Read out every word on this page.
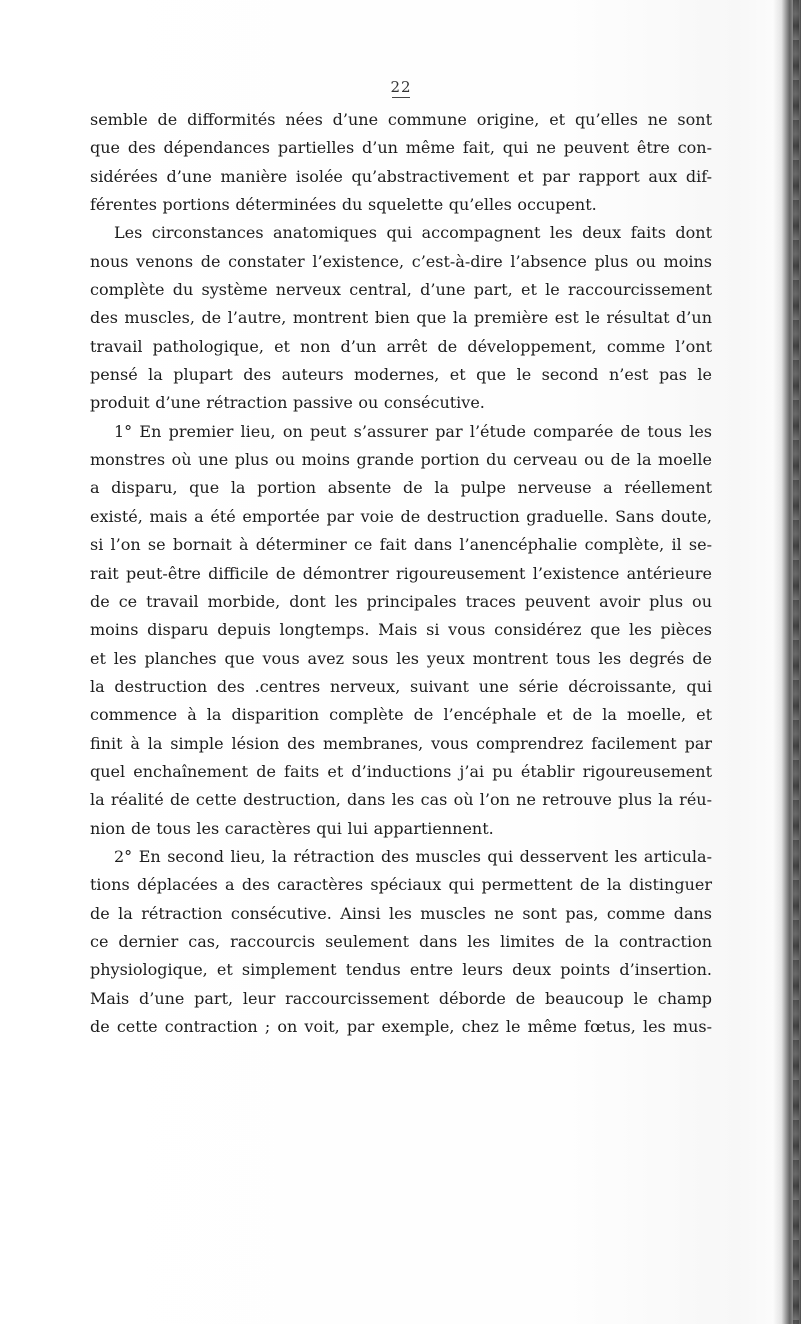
22
semble de difformités nées d’une commune origine, et qu’elles ne sont
que des dépendances partielles d’un même fait, qui ne peuvent être con-
sidérées d’une manière isolée qu’abstractivement et par rapport aux dif-
férentes portions déterminées du squelette qu’elles occupent.
Les circonstances anatomiques qui accompagnent les deux faits dont
nous venons de constater l’existence, c’est-à-dire l’absence plus ou moins
complète du système nerveux central, d’une part, et le raccourcissement
des muscles, de l’autre, montrent bien que la première est le résultat d’un
travail pathologique, et non d’un arrêt de développement, comme l’ont
pensé la plupart des auteurs modernes, et que le second n’est pas le
produit d’une rétraction passive ou consécutive.
1° En premier lieu, on peut s’assurer par l’étude comparée de tous les
monstres où une plus ou moins grande portion du cerveau ou de la moelle
a disparu, que la portion absente de la pulpe nerveuse a réellement
existé, mais a été emportée par voie de destruction graduelle. Sans doute,
si l’on se bornait à déterminer ce fait dans l’anencéphalie complète, il se-
rait peut-être difficile de démontrer rigoureusement l’existence antérieure
de ce travail morbide, dont les principales traces peuvent avoir plus ou
moins disparu depuis longtemps. Mais si vous considérez que les pièces
et les planches que vous avez sous les yeux montrent tous les degrés de
la destruction des .centres nerveux, suivant une série décroissante, qui
commence à la disparition complète de l’encéphale et de la moelle, et
finit à la simple lésion des membranes, vous comprendrez facilement par
quel enchaînement de faits et d’inductions j’ai pu établir rigoureusement
la réalité de cette destruction, dans les cas où l’on ne retrouve plus la réu-
nion de tous les caractères qui lui appartiennent.
2° En second lieu, la rétraction des muscles qui desservent les articula-
tions déplacées a des caractères spéciaux qui permettent de la distinguer
de la rétraction consécutive. Ainsi les muscles ne sont pas, comme dans
ce dernier cas, raccourcis seulement dans les limites de la contraction
physiologique, et simplement tendus entre leurs deux points d’insertion.
Mais d’une part, leur raccourcissement déborde de beaucoup le champ
de cette contraction ; on voit, par exemple, chez le même fœtus, les mus-
